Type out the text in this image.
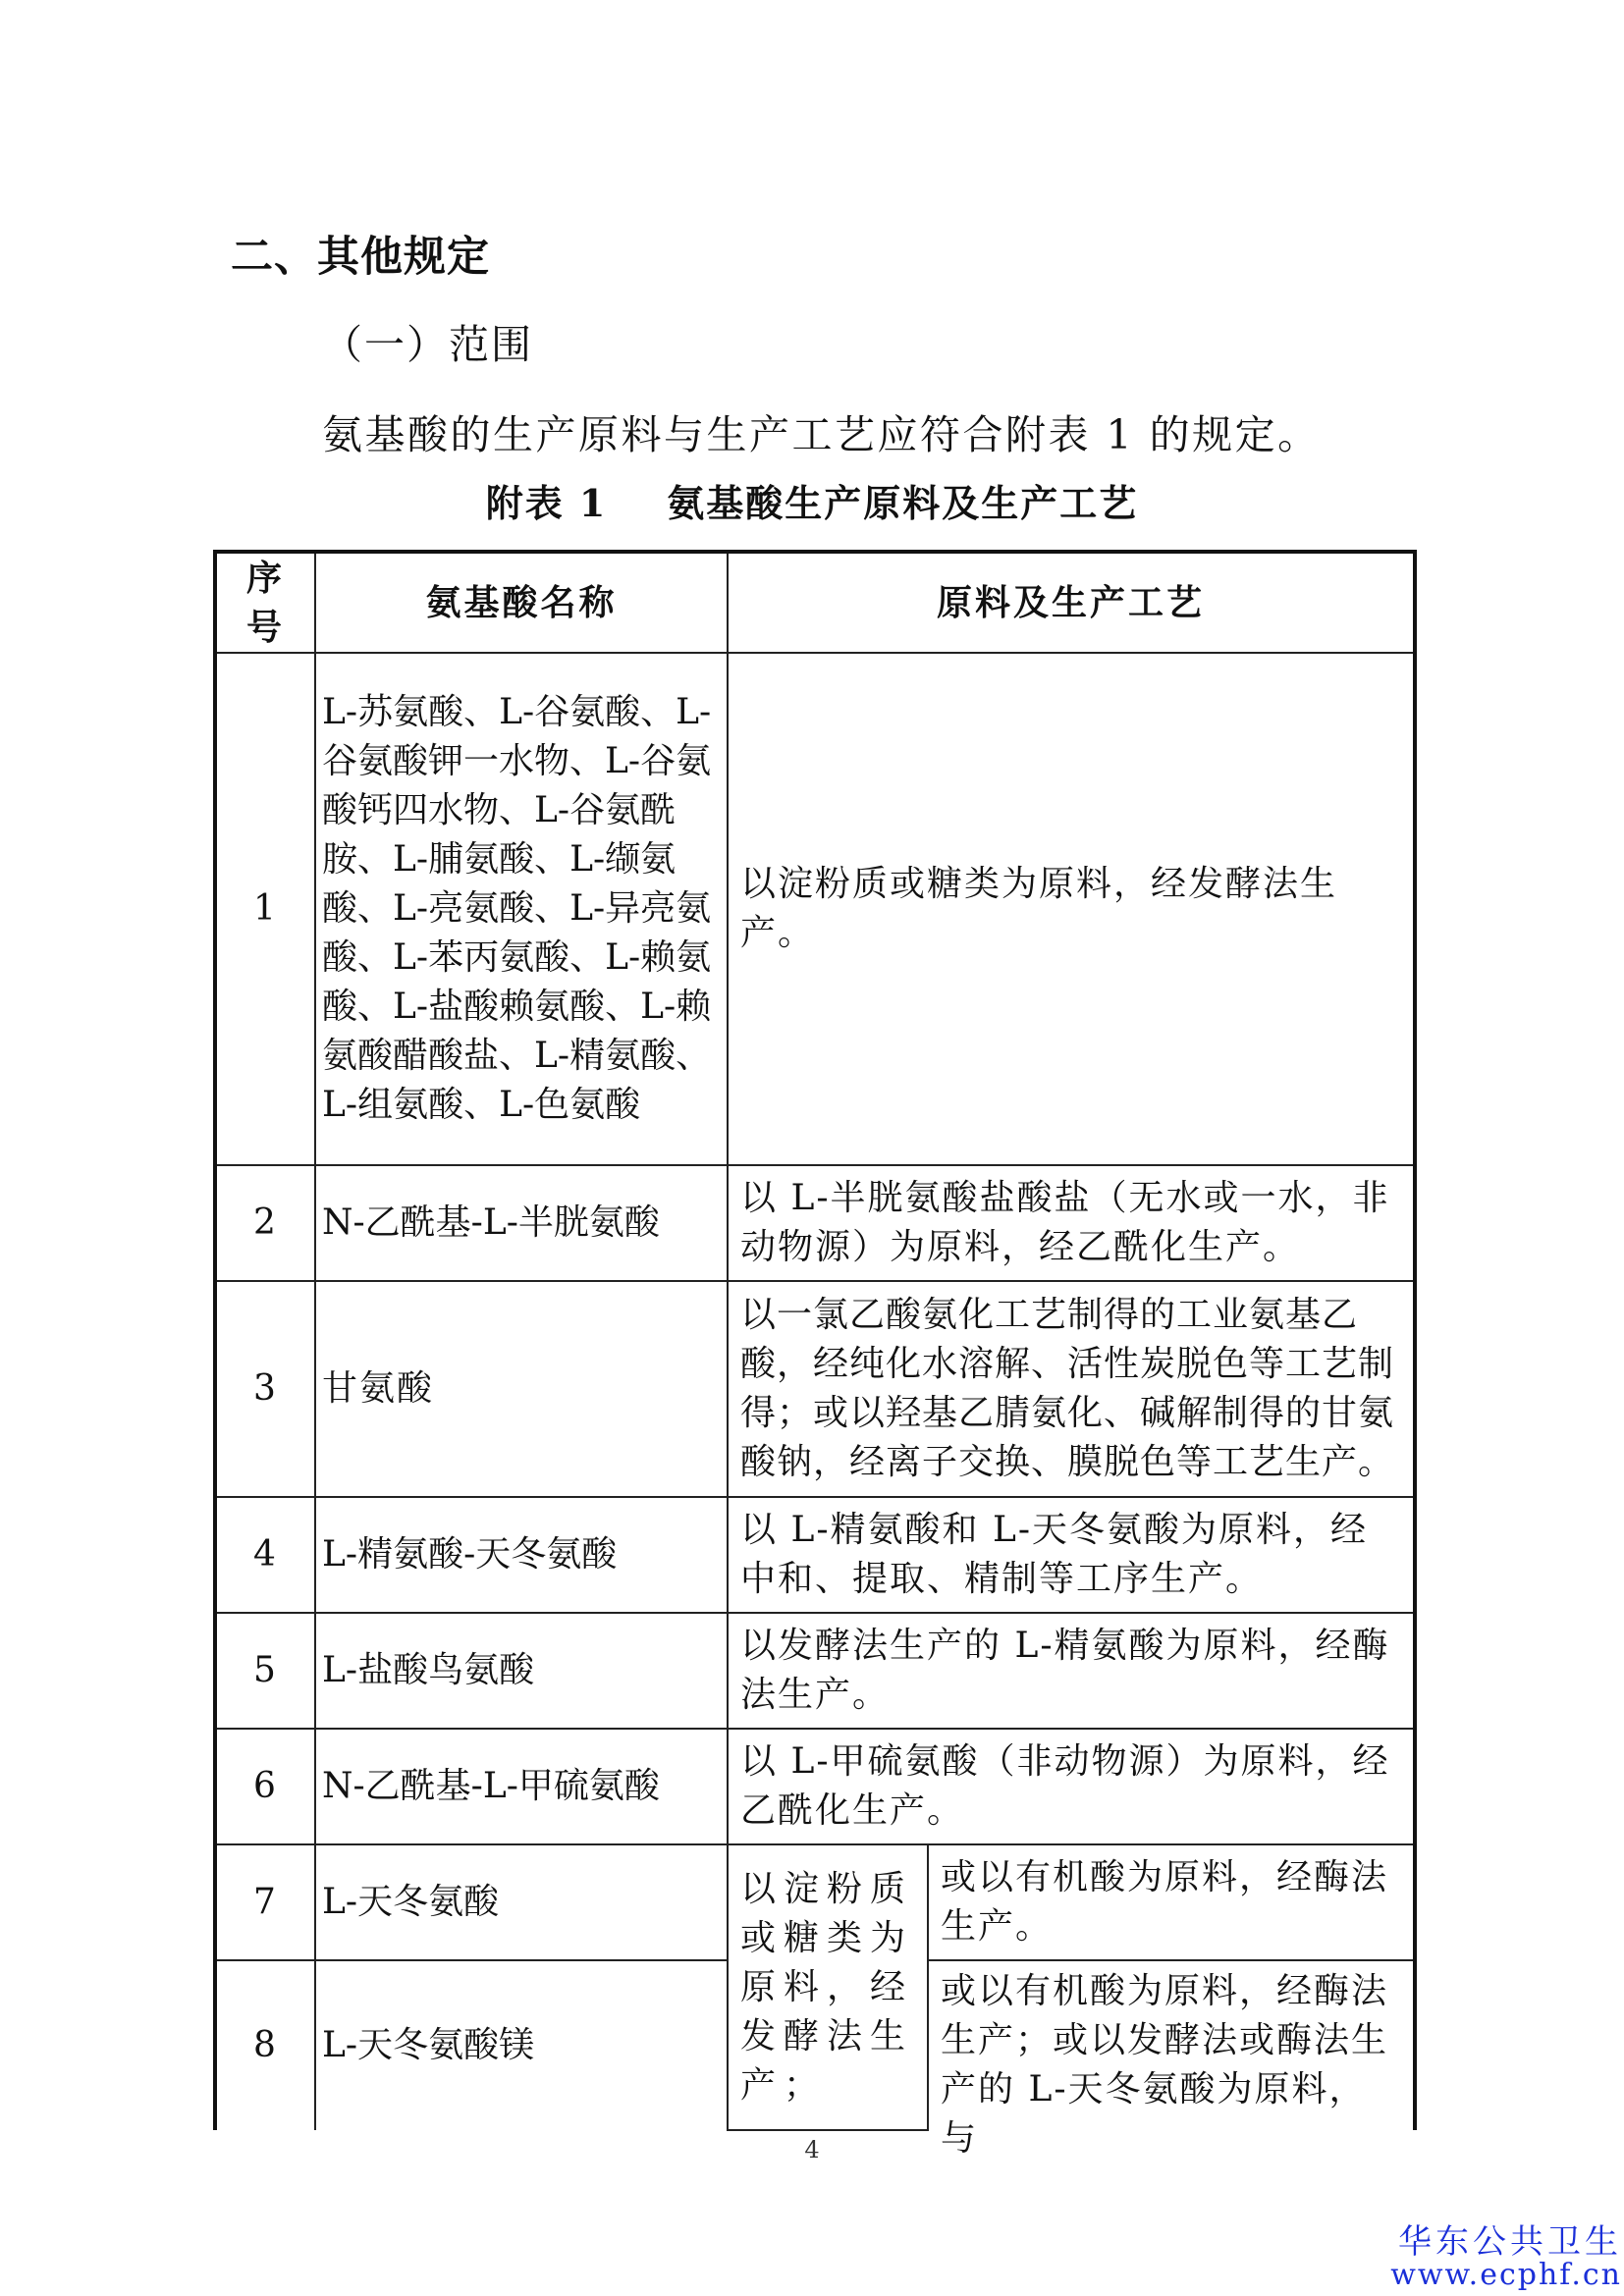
二、其他规定

（一）范围

氨基酸的生产原料与生产工艺应符合附表 1 的规定。

附表 1    氨基酸生产原料及生产工艺

序号	氨基酸名称	原料及生产工艺	
1	L-苏氨酸、L-谷氨酸、L-谷氨酸钾一水物、L-谷氨酸钙四水物、L-谷氨酰胺、L-脯氨酸、L-缬氨酸、L-亮氨酸、L-异亮氨酸、L-苯丙氨酸、L-赖氨酸、L-盐酸赖氨酸、L-赖氨酸醋酸盐、L-精氨酸、L-组氨酸、L-色氨酸	以淀粉质或糖类为原料，经发酵法生产。	
2	N-乙酰基-L-半胱氨酸	以 L-半胱氨酸盐酸盐（无水或一水，非动物源）为原料，经乙酰化生产。	
3	甘氨酸	以一氯乙酸氨化工艺制得的工业氨基乙酸，经纯化水溶解、活性炭脱色等工艺制得；或以羟基乙腈氨化、碱解制得的甘氨酸钠，经离子交换、膜脱色等工艺生产。	
4	L-精氨酸-天冬氨酸	以 L-精氨酸和 L-天冬氨酸为原料，经中和、提取、精制等工序生产。	
5	L-盐酸鸟氨酸	以发酵法生产的 L-精氨酸为原料，经酶法生产。	
6	N-乙酰基-L-甲硫氨酸	以 L-甲硫氨酸（非动物源）为原料，经乙酰化生产。	
7	L-天冬氨酸	以淀粉质或糖类为原料，经发酵法生产；	或以有机酸为原料，经酶法生产。
8	L-天冬氨酸镁		或以有机酸为原料，经酶法生产；或以发酵法或酶法生产的 L-天冬氨酸为原料，与
4
华东公共卫生
www.ecphf.cn
